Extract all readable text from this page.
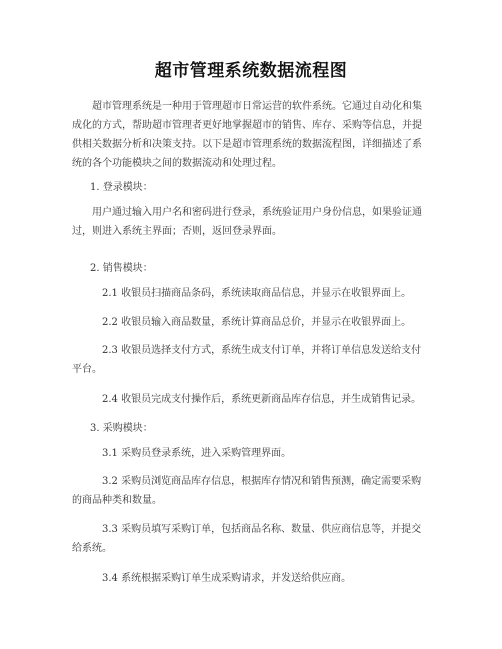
超市管理系统数据流程图

超市管理系统是一种用于管理超市日常运营的软件系统。它通过自动化和集成化的方式，帮助超市管理者更好地掌握超市的销售、库存、采购等信息，并提供相关数据分析和决策支持。以下是超市管理系统的数据流程图，详细描述了系统的各个功能模块之间的数据流动和处理过程。

1. 登录模块：

用户通过输入用户名和密码进行登录，系统验证用户身份信息，如果验证通过，则进入系统主界面；否则，返回登录界面。

2. 销售模块：

2.1 收银员扫描商品条码，系统读取商品信息，并显示在收银界面上。

2.2 收银员输入商品数量，系统计算商品总价，并显示在收银界面上。

2.3 收银员选择支付方式，系统生成支付订单，并将订单信息发送给支付平台。

2.4 收银员完成支付操作后，系统更新商品库存信息，并生成销售记录。

3. 采购模块：

3.1 采购员登录系统，进入采购管理界面。

3.2 采购员浏览商品库存信息，根据库存情况和销售预测，确定需要采购的商品种类和数量。

3.3 采购员填写采购订单，包括商品名称、数量、供应商信息等，并提交给系统。

3.4 系统根据采购订单生成采购请求，并发送给供应商。
